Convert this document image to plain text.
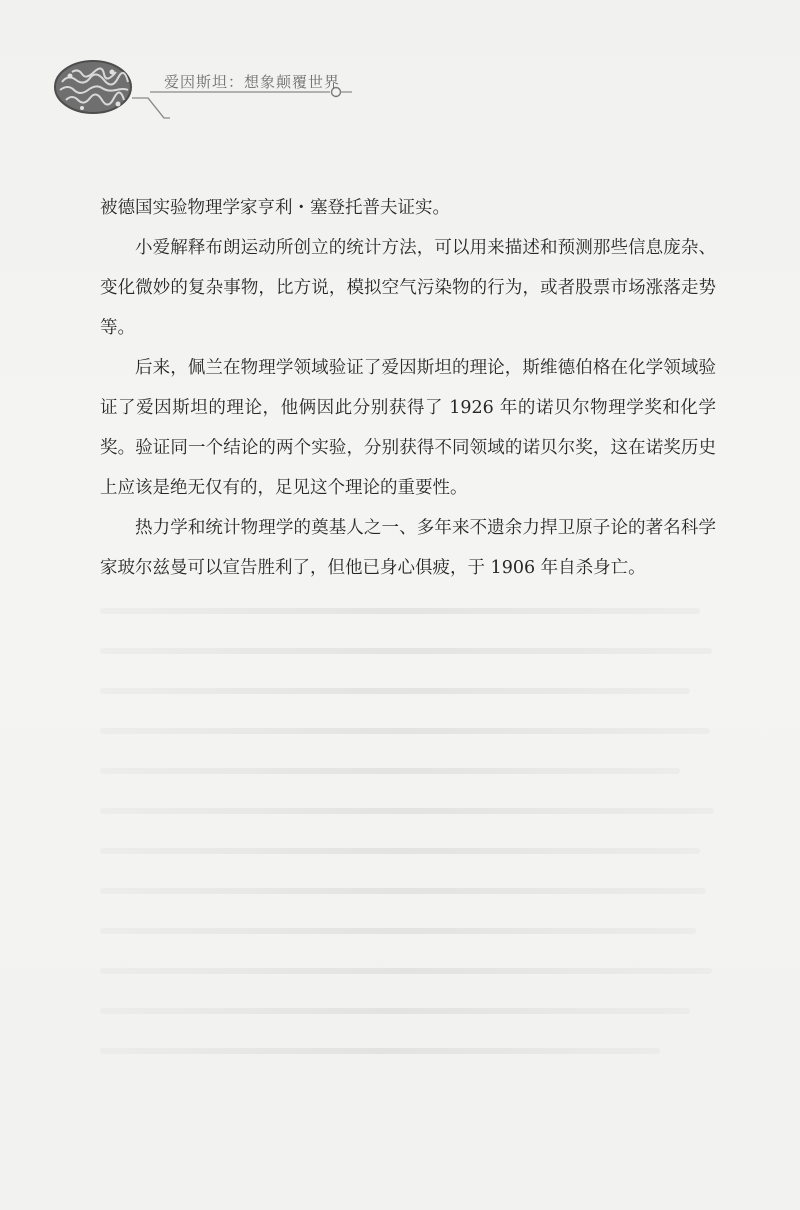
爱因斯坦：想象颠覆世界

被德国实验物理学家亨利・塞登托普夫证实。

小爱解释布朗运动所创立的统计方法，可以用来描述和预测那些信息庞杂、变化微妙的复杂事物，比方说，模拟空气污染物的行为，或者股票市场涨落走势等。

后来，佩兰在物理学领域验证了爱因斯坦的理论，斯维德伯格在化学领域验证了爱因斯坦的理论，他俩因此分别获得了 1926 年的诺贝尔物理学奖和化学奖。验证同一个结论的两个实验，分别获得不同领域的诺贝尔奖，这在诺奖历史上应该是绝无仅有的，足见这个理论的重要性。

热力学和统计物理学的奠基人之一、多年来不遗余力捍卫原子论的著名科学家玻尔兹曼可以宣告胜利了，但他已身心俱疲，于 1906 年自杀身亡。
